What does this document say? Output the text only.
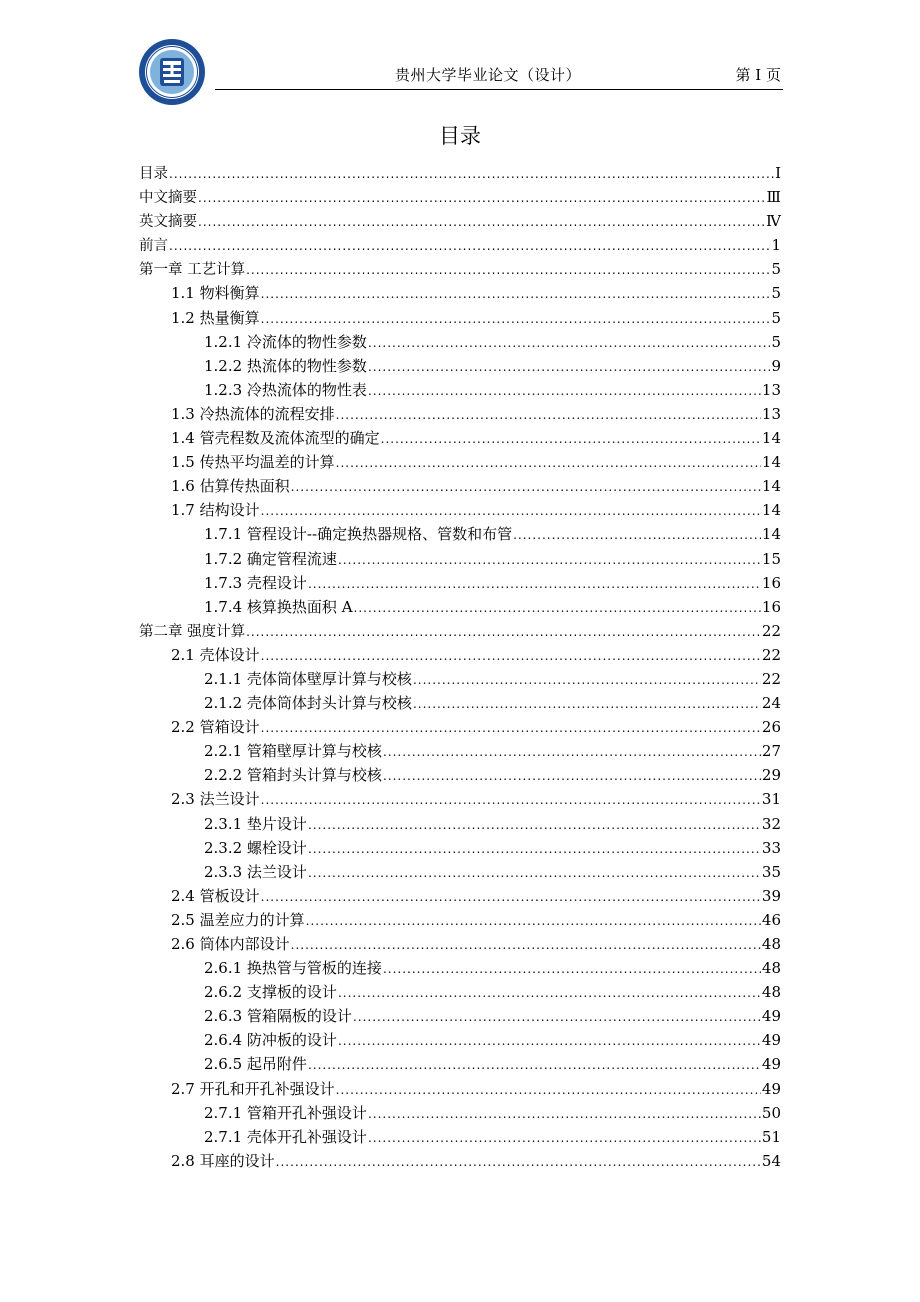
贵州大学毕业论文（设计）	第 I 页
目录
目录 .....	Ⅰ
中文摘要 .....	Ⅲ
英文摘要 .....	Ⅳ
前言 .....	1
第一章 工艺计算 .....	5
1.1 物料衡算 .....	5
1.2 热量衡算 .....	5
1.2.1 冷流体的物性参数 .....	5
1.2.2 热流体的物性参数 .....	9
1.2.3 冷热流体的物性表 .....	13
1.3 冷热流体的流程安排 .....	13
1.4 管壳程数及流体流型的确定 .....	14
1.5 传热平均温差的计算 .....	14
1.6 估算传热面积 .....	14
1.7 结构设计 .....	14
1.7.1 管程设计--确定换热器规格、管数和布管 .....	14
1.7.2 确定管程流速 .....	15
1.7.3 壳程设计 .....	16
1.7.4 核算换热面积 A .....	16
第二章 强度计算 .....	22
2.1 壳体设计 .....	22
2.1.1 壳体筒体壁厚计算与校核 .....	22
2.1.2 壳体筒体封头计算与校核 .....	24
2.2 管箱设计 .....	26
2.2.1 管箱壁厚计算与校核 .....	27
2.2.2 管箱封头计算与校核 .....	29
2.3 法兰设计 .....	31
2.3.1 垫片设计 .....	32
2.3.2 螺栓设计 .....	33
2.3.3 法兰设计 .....	35
2.4 管板设计 .....	39
2.5 温差应力的计算 .....	46
2.6 筒体内部设计 .....	48
2.6.1 换热管与管板的连接 .....	48
2.6.2 支撑板的设计 .....	48
2.6.3 管箱隔板的设计 .....	49
2.6.4 防冲板的设计 .....	49
2.6.5 起吊附件 .....	49
2.7 开孔和开孔补强设计 .....	49
2.7.1 管箱开孔补强设计 .....	50
2.7.1 壳体开孔补强设计 .....	51
2.8 耳座的设计 .....	54
